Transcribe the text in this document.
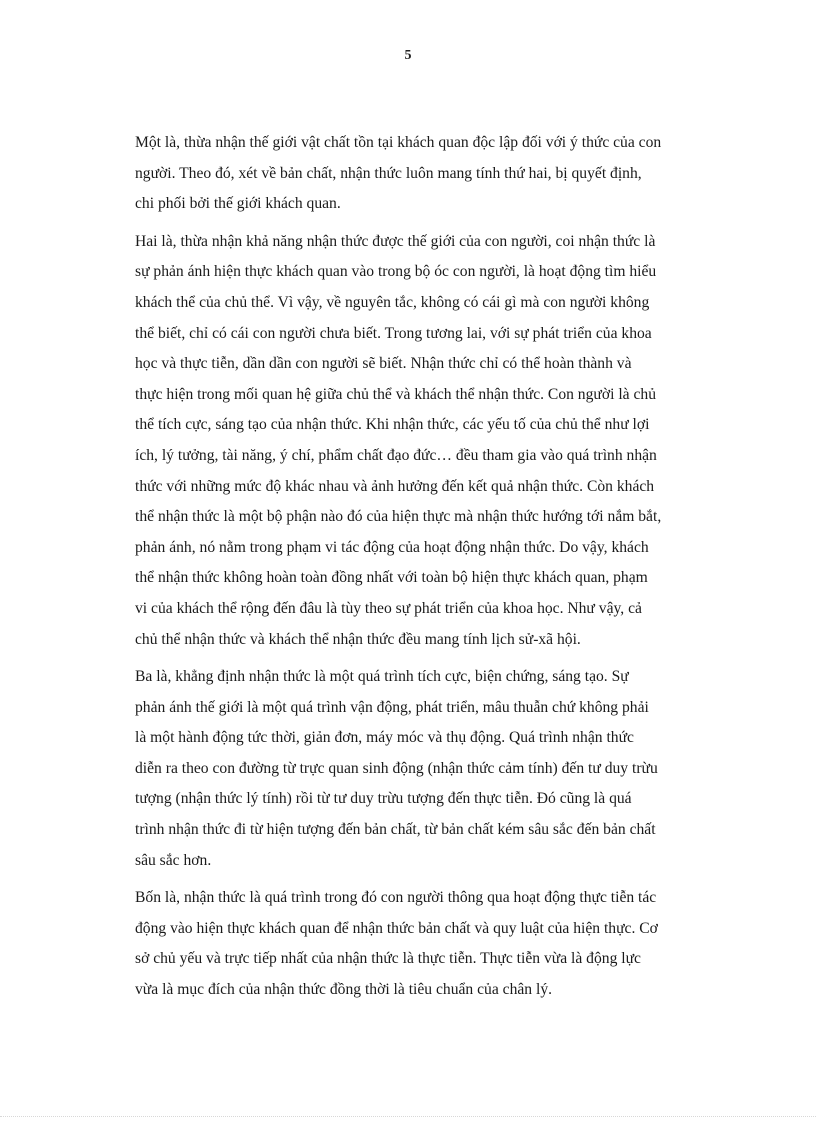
5
Một là, thừa nhận thế giới vật chất tồn tại khách quan độc lập đối với ý thức của con
người. Theo đó, xét về bản chất, nhận thức luôn mang tính thứ hai, bị quyết định,
chi phối bởi thế giới khách quan.
Hai là, thừa nhận khả năng nhận thức được thế giới của con người, coi nhận thức là
sự phản ánh hiện thực khách quan vào trong bộ óc con người, là hoạt động tìm hiểu
khách thể của chủ thể. Vì vậy, về nguyên tắc, không có cái gì mà con người không
thể biết, chỉ có cái con người chưa biết. Trong tương lai, với sự phát triển của khoa
học và thực tiễn, dần dần con người sẽ biết. Nhận thức chỉ có thể hoàn thành và
thực hiện trong mối quan hệ giữa chủ thể và khách thể nhận thức. Con người là chủ
thể tích cực, sáng tạo của nhận thức. Khi nhận thức, các yếu tố của chủ thể như lợi
ích, lý tưởng, tài năng, ý chí, phẩm chất đạo đức… đều tham gia vào quá trình nhận
thức với những mức độ khác nhau và ảnh hưởng đến kết quả nhận thức. Còn khách
thể nhận thức là một bộ phận nào đó của hiện thực mà nhận thức hướng tới nắm bắt,
phản ánh, nó nằm trong phạm vi tác động của hoạt động nhận thức. Do vậy, khách
thể nhận thức không hoàn toàn đồng nhất với toàn bộ hiện thực khách quan, phạm
vi của khách thể rộng đến đâu là tùy theo sự phát triển của khoa học. Như vậy, cả
chủ thể nhận thức và khách thể nhận thức đều mang tính lịch sử-xã hội.
Ba là, khẳng định nhận thức là một quá trình tích cực, biện chứng, sáng tạo. Sự
phản ánh thế giới là một quá trình vận động, phát triển, mâu thuẫn chứ không phải
là một hành động tức thời, giản đơn, máy móc và thụ động. Quá trình nhận thức
diễn ra theo con đường từ trực quan sinh động (nhận thức cảm tính) đến tư duy trừu
tượng (nhận thức lý tính) rồi từ tư duy trừu tượng đến thực tiễn. Đó cũng là quá
trình nhận thức đi từ hiện tượng đến bản chất, từ bản chất kém sâu sắc đến bản chất
sâu sắc hơn.
Bốn là, nhận thức là quá trình trong đó con người thông qua hoạt động thực tiễn tác
động vào hiện thực khách quan để nhận thức bản chất và quy luật của hiện thực. Cơ
sở chủ yếu và trực tiếp nhất của nhận thức là thực tiễn. Thực tiễn vừa là động lực
vừa là mục đích của nhận thức đồng thời là tiêu chuẩn của chân lý.
